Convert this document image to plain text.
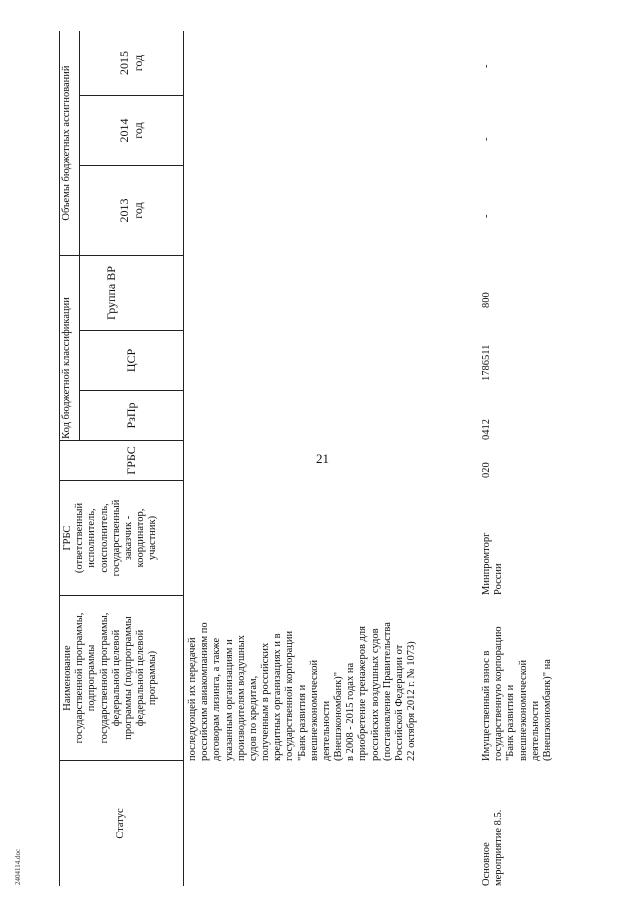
21
Статус
Наименование
государственной программы,
подпрограммы
государственной программы,
федеральной целевой
программы (подпрограммы
федеральной целевой
программы)
ГРБС
(ответственный
исполнитель,
соисполнитель,
государственный
заказчик -
координатор,
участник)
Код бюджетной классификации
Объемы бюджетных ассигнований
ГРБС
РзПр
ЦСР
Группа ВР
2013
год
2014
год
2015
год
последующей их передачей
российским авиакомпаниям по
договорам лизинга, а также
указанным организациям и
производителям воздушных
судов по кредитам,
полученным в российских
кредитных организациях и в
государственной корпорации
"Банк развития и
внешнеэкономической
деятельности
(Внешэкономбанк)"
в 2008 - 2015 годах на
приобретение тренажеров для
российских воздушных судов
(постановление Правительства
Российской Федерации от
22 октября 2012 г. № 1073)
Основное
мероприятие 8.5.
Имущественный взнос в
государственную корпорацию
"Банк развития и
внешнеэкономической
деятельности
(Внешэкономбанк)" на
Минпромторг
России
020
0412
1786511
800
-
-
-
2404114.doc
